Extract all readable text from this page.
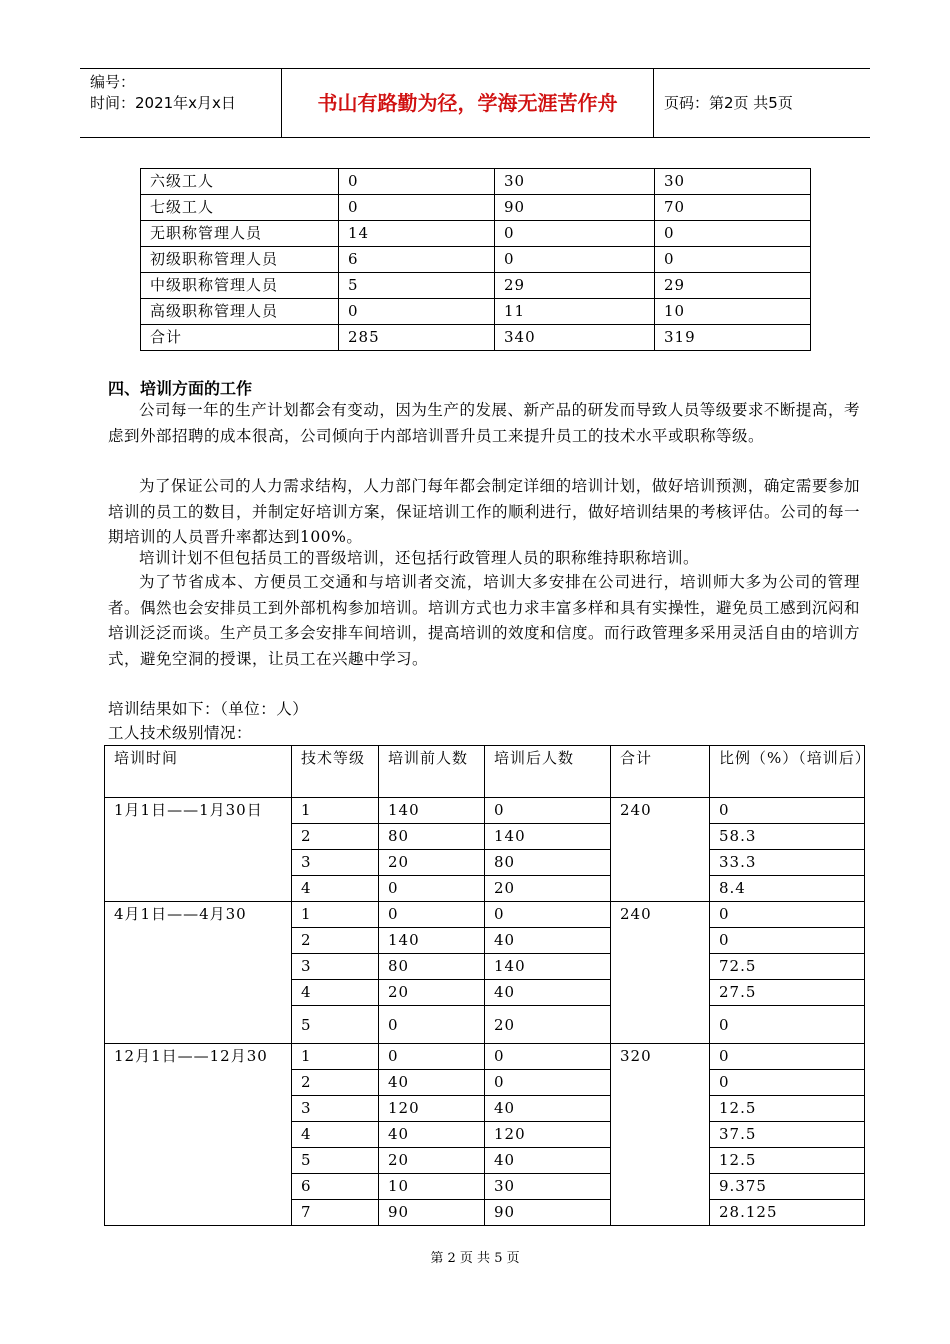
编号：
时间：2021年x月x日	书山有路勤为径，学海无涯苦作舟	页码：第2页 共5页
六级工人	0	30	30
七级工人	0	90	70
无职称管理人员	14	0	0
初级职称管理人员	6	0	0
中级职称管理人员	5	29	29
高级职称管理人员	0	11	10
合计	285	340	319
四、培训方面的工作
公司每一年的生产计划都会有变动，因为生产的发展、新产品的研发而导致人员等级要求不断提高，考虑到外部招聘的成本很高，公司倾向于内部培训晋升员工来提升员工的技术水平或职称等级。
为了保证公司的人力需求结构，人力部门每年都会制定详细的培训计划，做好培训预测，确定需要参加培训的员工的数目，并制定好培训方案，保证培训工作的顺利进行，做好培训结果的考核评估。公司的每一期培训的人员晋升率都达到100%。
培训计划不但包括员工的晋级培训，还包括行政管理人员的职称维持职称培训。
为了节省成本、方便员工交通和与培训者交流，培训大多安排在公司进行，培训师大多为公司的管理者。偶然也会安排员工到外部机构参加培训。培训方式也力求丰富多样和具有实操性，避免员工感到沉闷和培训泛泛而谈。生产员工多会安排车间培训，提高培训的效度和信度。而行政管理多采用灵活自由的培训方式，避免空洞的授课，让员工在兴趣中学习。
培训结果如下：（单位：人）
工人技术级别情况：
培训时间	技术等级	培训前人数	培训后人数	合计	比例（%）（培训后）
1月1日——1月30日	1	140	0	240	0
	2	80	140		58.3
	3	20	80		33.3
	4	0	20		8.4
4月1日——4月30	1	0	0	240	0
	2	140	40		0
	3	80	140		72.5
	4	20	40		27.5
	5	0	20		0
12月1日——12月30	1	0	0	320	0
	2	40	0		0
	3	120	40		12.5
	4	40	120		37.5
	5	20	40		12.5
	6	10	30		9.375
	7	90	90		28.125
第 2 页 共 5 页
